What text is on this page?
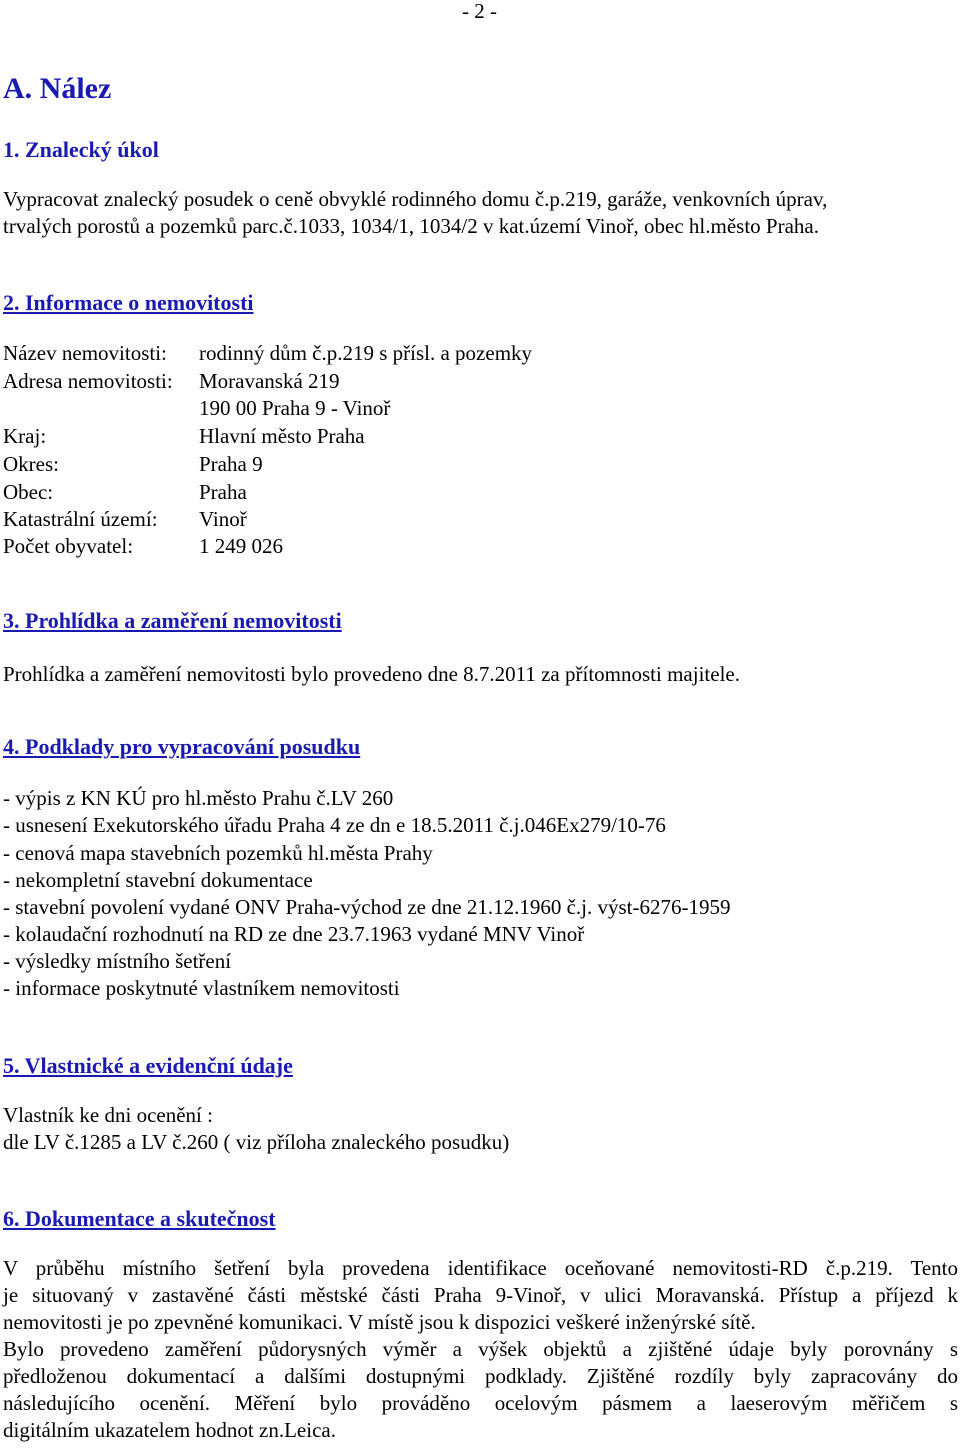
- 2 -
A. Nález
1. Znalecký úkol
Vypracovat znalecký posudek o ceně obvyklé rodinného domu č.p.219, garáže, venkovních úprav,
trvalých porostů a pozemků parc.č.1033, 1034/1, 1034/2 v kat.území Vinoř, obec hl.město Praha.
2. Informace o nemovitosti
Název nemovitosti: rodinný dům č.p.219 s přísl. a pozemky
Adresa nemovitosti: Moravanská 219
190 00 Praha 9 - Vinoř
Kraj:	Hlavní město Praha
Okres:	Praha 9
Obec:	Praha
Katastrální území: Vinoř
Počet obyvatel:	1 249 026
3. Prohlídka a zaměření nemovitosti
Prohlídka a zaměření nemovitosti bylo provedeno dne 8.7.2011 za přítomnosti majitele.
4. Podklady pro vypracování posudku
- výpis z KN KÚ pro hl.město Prahu č.LV 260
- usnesení Exekutorského úřadu Praha 4 ze dn e 18.5.2011 č.j.046Ex279/10-76
- cenová mapa stavebních pozemků hl.města Prahy
- nekompletní stavební dokumentace
- stavební povolení vydané ONV Praha-východ ze dne 21.12.1960 č.j. výst-6276-1959
- kolaudační rozhodnutí na RD ze dne 23.7.1963 vydané MNV Vinoř
- výsledky místního šetření
- informace poskytnuté vlastníkem nemovitosti
5. Vlastnické a evidenční údaje
Vlastník ke dni ocenění :
dle LV č.1285 a LV č.260 ( viz příloha znaleckého posudku)
6. Dokumentace a skutečnost
V průběhu místního šetření byla provedena identifikace oceňované nemovitosti-RD č.p.219. Tento
je situovaný v zastavěné části městské části Praha 9-Vinoř, v ulici Moravanská. Přístup a příjezd k
nemovitosti je po zpevněné komunikaci. V místě jsou k dispozici veškeré inženýrské sítě.
Bylo provedeno zaměření půdorysných výměr a výšek objektů a zjištěné údaje byly porovnány s
předloženou dokumentací a dalšími dostupnými podklady. Zjištěné rozdíly byly zapracovány do
následujícího ocenění. Měření bylo prováděno ocelovým pásmem a laeserovým měřičem s
digitálním ukazatelem hodnot zn.Leica.
